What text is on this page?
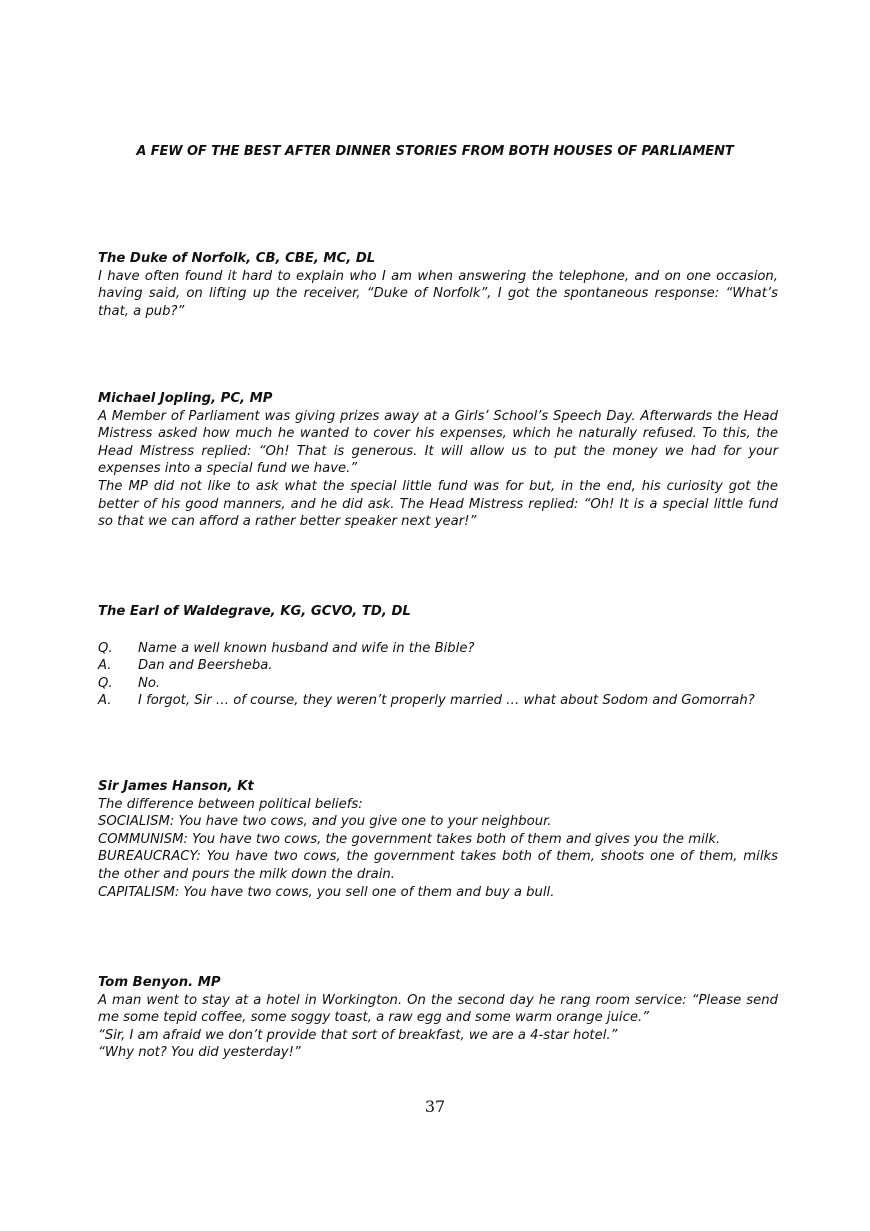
A FEW OF THE BEST AFTER DINNER STORIES FROM BOTH HOUSES OF PARLIAMENT
The Duke of Norfolk, CB, CBE, MC, DL

I have often found it hard to explain who I am when answering the telephone, and on one occasion, having said, on lifting up the receiver, “Duke of Norfolk”, I got the spontaneous response: “What’s that, a pub?”

Michael Jopling, PC, MP

A Member of Parliament was giving prizes away at a Girls’ School’s Speech Day. Afterwards the Head Mistress asked how much he wanted to cover his expenses, which he naturally refused. To this, the Head Mistress replied: “Oh! That is generous. It will allow us to put the money we had for your expenses into a special fund we have.”

The MP did not like to ask what the special little fund was for but, in the end, his curiosity got the better of his good manners, and he did ask. The Head Mistress replied: “Oh! It is a special little fund so that we can afford a rather better speaker next year!”

The Earl of Waldegrave, KG, GCVO, TD, DL
Q.	Name a well known husband and wife in the Bible?
A.	Dan and Beersheba.
Q.	No.
A.	I forgot, Sir … of course, they weren’t properly married … what about Sodom and Gomorrah?
Sir James Hanson, Kt

The difference between political beliefs:

SOCIALISM: You have two cows, and you give one to your neighbour.

COMMUNISM: You have two cows, the government takes both of them and gives you the milk.

BUREAUCRACY: You have two cows, the government takes both of them, shoots one of them, milks the other and pours the milk down the drain.

CAPITALISM: You have two cows, you sell one of them and buy a bull.

Tom Benyon. MP

A man went to stay at a hotel in Workington. On the second day he rang room service: “Please send me some tepid coffee, some soggy toast, a raw egg and some warm orange juice.”

“Sir, I am afraid we don’t provide that sort of breakfast, we are a 4-star hotel.”

“Why not? You did yesterday!”

37
